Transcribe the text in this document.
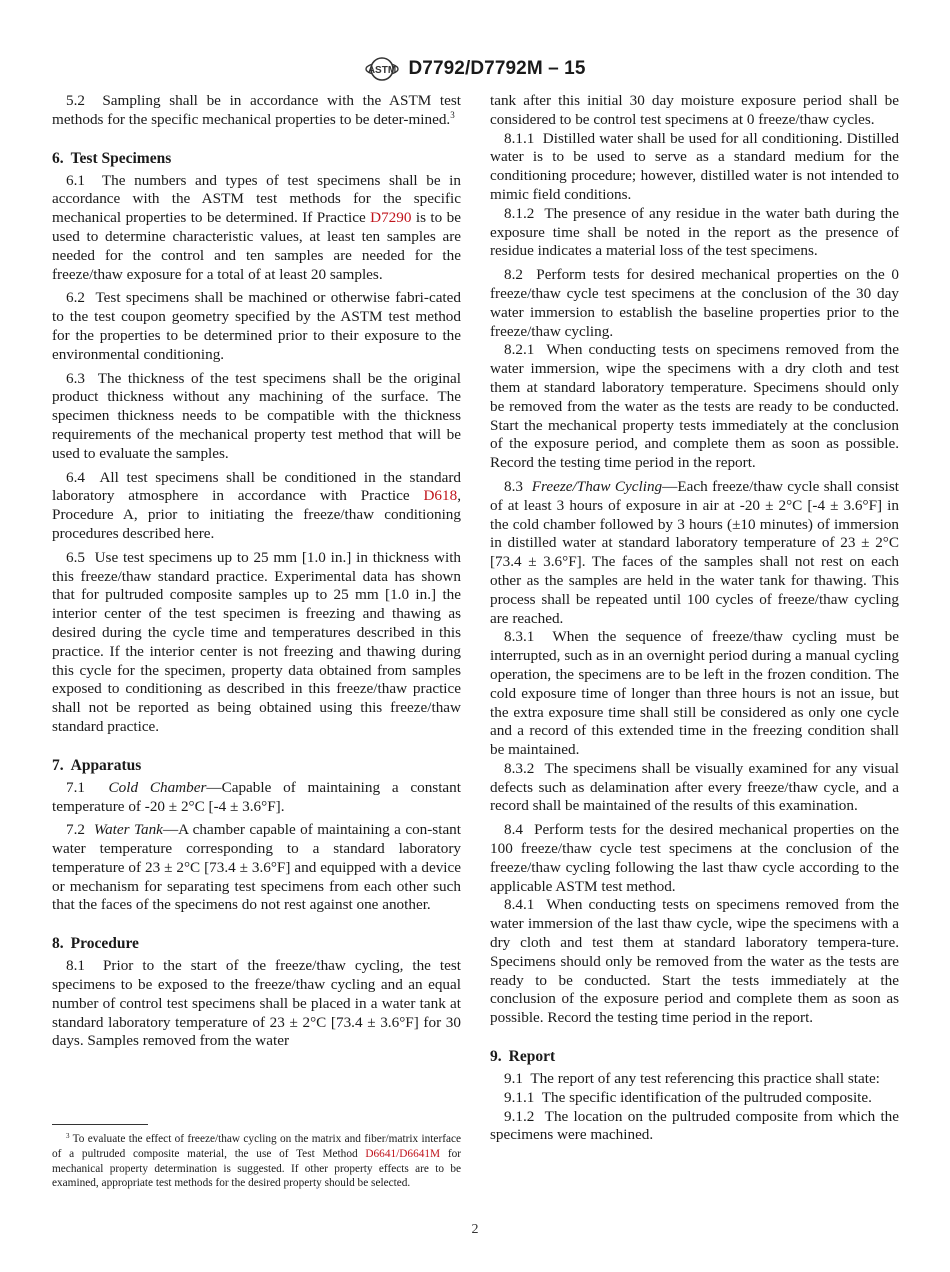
ASTM D7792/D7792M – 15

5.2 Sampling shall be in accordance with the ASTM test methods for the specific mechanical properties to be deter-mined.$^3$

6. Test Specimens

6.1 The numbers and types of test specimens shall be in accordance with the ASTM test methods for the specific mechanical properties to be determined. If Practice D7290 is to be used to determine characteristic values, at least ten samples are needed for the control and ten samples are needed for the freeze/thaw exposure for a total of at least 20 samples.

6.2 Test specimens shall be machined or otherwise fabri-cated to the test coupon geometry specified by the ASTM test method for the properties to be determined prior to their exposure to the environmental conditioning.

6.3 The thickness of the test specimens shall be the original product thickness without any machining of the surface. The specimen thickness needs to be compatible with the thickness requirements of the mechanical property test method that will be used to evaluate the samples.

6.4 All test specimens shall be conditioned in the standard laboratory atmosphere in accordance with Practice D618, Procedure A, prior to initiating the freeze/thaw conditioning procedures described here.

6.5 Use test specimens up to 25 mm [1.0 in.] in thickness with this freeze/thaw standard practice. Experimental data has shown that for pultruded composite samples up to 25 mm [1.0 in.] the interior center of the test specimen is freezing and thawing as desired during the cycle time and temperatures described in this practice. If the interior center is not freezing and thawing during this cycle for the specimen, property data obtained from samples exposed to conditioning as described in this freeze/thaw practice shall not be reported as being obtained using this freeze/thaw standard practice.

7. Apparatus

7.1 Cold Chamber—Capable of maintaining a constant temperature of -20 ± 2°C [-4 ± 3.6°F].

7.2 Water Tank—A chamber capable of maintaining a con-stant water temperature corresponding to a standard laboratory temperature of 23 ± 2°C [73.4 ± 3.6°F] and equipped with a device or mechanism for separating test specimens from each other such that the faces of the specimens do not rest against one another.

8. Procedure

8.1 Prior to the start of the freeze/thaw cycling, the test specimens to be exposed to the freeze/thaw cycling and an equal number of control test specimens shall be placed in a water tank at standard laboratory temperature of 23 ± 2°C [73.4 ± 3.6°F] for 30 days. Samples removed from the water

tank after this initial 30 day moisture exposure period shall be considered to be control test specimens at 0 freeze/thaw cycles.

8.1.1 Distilled water shall be used for all conditioning. Distilled water is to be used to serve as a standard medium for the conditioning procedure; however, distilled water is not intended to mimic field conditions.

8.1.2 The presence of any residue in the water bath during the exposure time shall be noted in the report as the presence of residue indicates a material loss of the test specimens.

8.2 Perform tests for desired mechanical properties on the 0 freeze/thaw cycle test specimens at the conclusion of the 30 day water immersion to establish the baseline properties prior to the freeze/thaw cycling.

8.2.1 When conducting tests on specimens removed from the water immersion, wipe the specimens with a dry cloth and test them at standard laboratory temperature. Specimens should only be removed from the water as the tests are ready to be conducted. Start the mechanical property tests immediately at the conclusion of the exposure period, and complete them as soon as possible. Record the testing time period in the report.

8.3 Freeze/Thaw Cycling—Each freeze/thaw cycle shall consist of at least 3 hours of exposure in air at -20 ± 2°C [-4 ± 3.6°F] in the cold chamber followed by 3 hours (±10 minutes) of immersion in distilled water at standard laboratory temperature of 23 ± 2°C [73.4 ± 3.6°F]. The faces of the samples shall not rest on each other as the samples are held in the water tank for thawing. This process shall be repeated until 100 cycles of freeze/thaw cycling are reached.

8.3.1 When the sequence of freeze/thaw cycling must be interrupted, such as in an overnight period during a manual cycling operation, the specimens are to be left in the frozen condition. The cold exposure time of longer than three hours is not an issue, but the extra exposure time shall still be considered as only one cycle and a record of this extended time in the freezing condition shall be maintained.

8.3.2 The specimens shall be visually examined for any visual defects such as delamination after every freeze/thaw cycle, and a record shall be maintained of the results of this examination.

8.4 Perform tests for the desired mechanical properties on the 100 freeze/thaw cycle test specimens at the conclusion of the freeze/thaw cycling following the last thaw cycle according to the applicable ASTM test method.

8.4.1 When conducting tests on specimens removed from the water immersion of the last thaw cycle, wipe the specimens with a dry cloth and test them at standard laboratory tempera-ture. Specimens should only be removed from the water as the tests are ready to be conducted. Start the tests immediately at the conclusion of the exposure period and complete them as soon as possible. Record the testing time period in the report.

9. Report

9.1 The report of any test referencing this practice shall state:

9.1.1 The specific identification of the pultruded composite.

9.1.2 The location on the pultruded composite from which the specimens were machined.

$^3$ To evaluate the effect of freeze/thaw cycling on the matrix and fiber/matrix interface of a pultruded composite material, the use of Test Method D6641/D6641M for mechanical property determination is suggested. If other property effects are to be examined, appropriate test methods for the desired property should be selected.
2
